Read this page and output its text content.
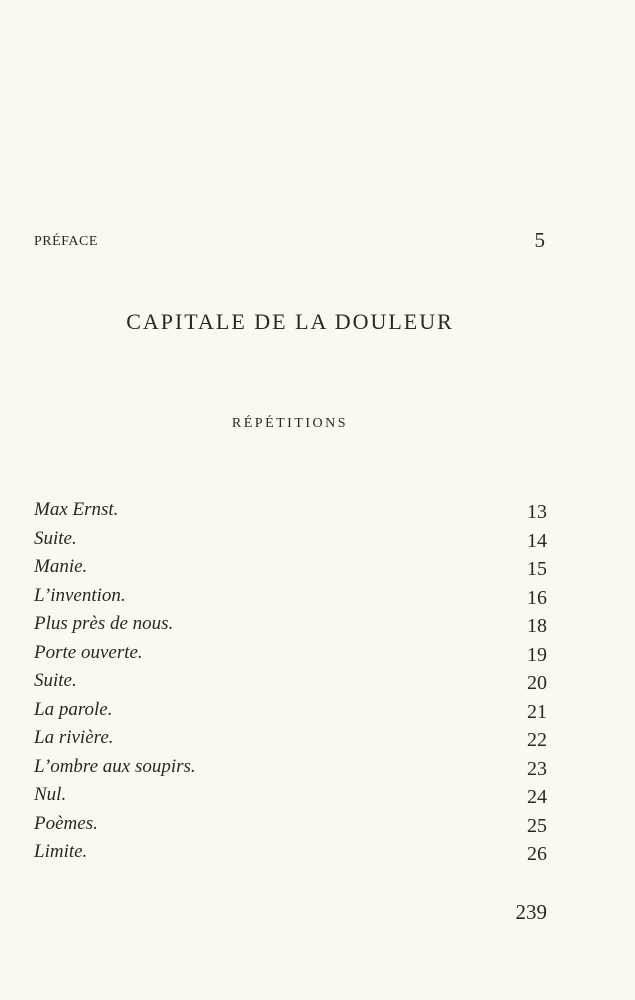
PRÉFACE	5
CAPITALE DE LA DOULEUR
RÉPÉTITIONS
Max Ernst.	13
Suite.	14
Manie.	15
L’invention.	16
Plus près de nous.	18
Porte ouverte.	19
Suite.	20
La parole.	21
La rivière.	22
L’ombre aux soupirs.	23
Nul.	24
Poèmes.	25
Limite.	26
239
